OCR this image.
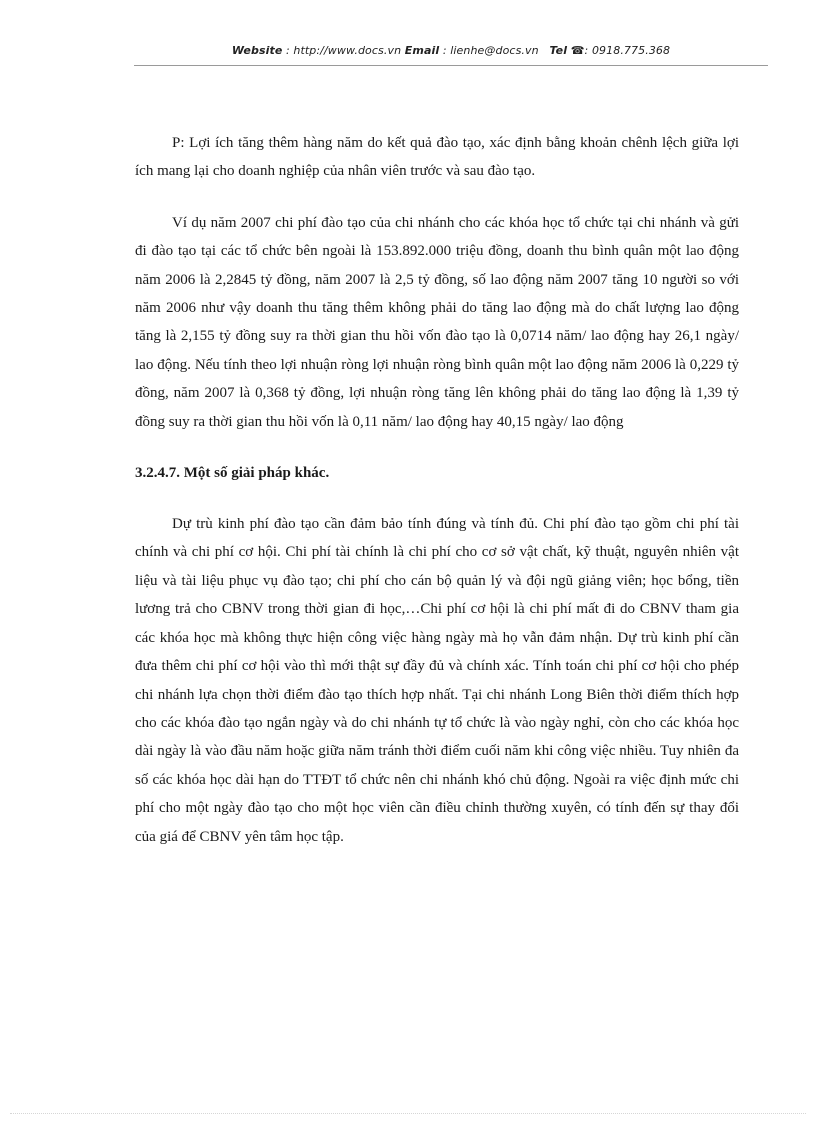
Website : http://www.docs.vn Email : lienhe@docs.vn Tel ☎: 0918.775.368

P: Lợi ích tăng thêm hàng năm do kết quả đào tạo, xác định bằng khoản chênh lệch giữa lợi ích mang lại cho doanh nghiệp của nhân viên trước và sau đào tạo.

Ví dụ năm 2007 chi phí đào tạo của chi nhánh cho các khóa học tổ chức tại chi nhánh và gửi đi đào tạo tại các tổ chức bên ngoài là 153.892.000 triệu đồng, doanh thu bình quân một lao động năm 2006 là 2,2845 tỷ đồng, năm 2007 là 2,5 tỷ đồng, số lao động năm 2007 tăng 10 người so với năm 2006 như vậy doanh thu tăng thêm không phải do tăng lao động mà do chất lượng lao động tăng là 2,155 tỷ đồng suy ra thời gian thu hồi vốn đào tạo là 0,0714 năm/ lao động hay 26,1 ngày/ lao động. Nếu tính theo lợi nhuận ròng lợi nhuận ròng bình quân một lao động năm 2006 là 0,229 tỷ đồng, năm 2007 là 0,368 tỷ đồng, lợi nhuận ròng tăng lên không phải do tăng lao động là 1,39 tỷ đồng suy ra thời gian thu hồi vốn là 0,11 năm/ lao động hay 40,15 ngày/ lao động

3.2.4.7. Một số giải pháp khác.

Dự trù kinh phí đào tạo cần đảm bảo tính đúng và tính đủ. Chi phí đào tạo gồm chi phí tài chính và chi phí cơ hội. Chi phí tài chính là chi phí cho cơ sở vật chất, kỹ thuật, nguyên nhiên vật liệu và tài liệu phục vụ đào tạo; chi phí cho cán bộ quản lý và đội ngũ giảng viên; học bổng, tiền lương trả cho CBNV trong thời gian đi học,…Chi phí cơ hội là chi phí mất đi do CBNV tham gia các khóa học mà không thực hiện công việc hàng ngày mà họ vẫn đảm nhận. Dự trù kinh phí cần đưa thêm chi phí cơ hội vào thì mới thật sự đầy đủ và chính xác. Tính toán chi phí cơ hội cho phép chi nhánh lựa chọn thời điểm đào tạo thích hợp nhất. Tại chi nhánh Long Biên thời điểm thích hợp cho các khóa đào tạo ngắn ngày và do chi nhánh tự tổ chức là vào ngày nghỉ, còn cho các khóa học dài ngày là vào đầu năm hoặc giữa năm tránh thời điểm cuối năm khi công việc nhiều. Tuy nhiên đa số các khóa học dài hạn do TTĐT tổ chức nên chi nhánh khó chủ động. Ngoài ra việc định mức chi phí cho một ngày đào tạo cho một học viên cần điều chỉnh thường xuyên, có tính đến sự thay đổi của giá để CBNV yên tâm học tập.
